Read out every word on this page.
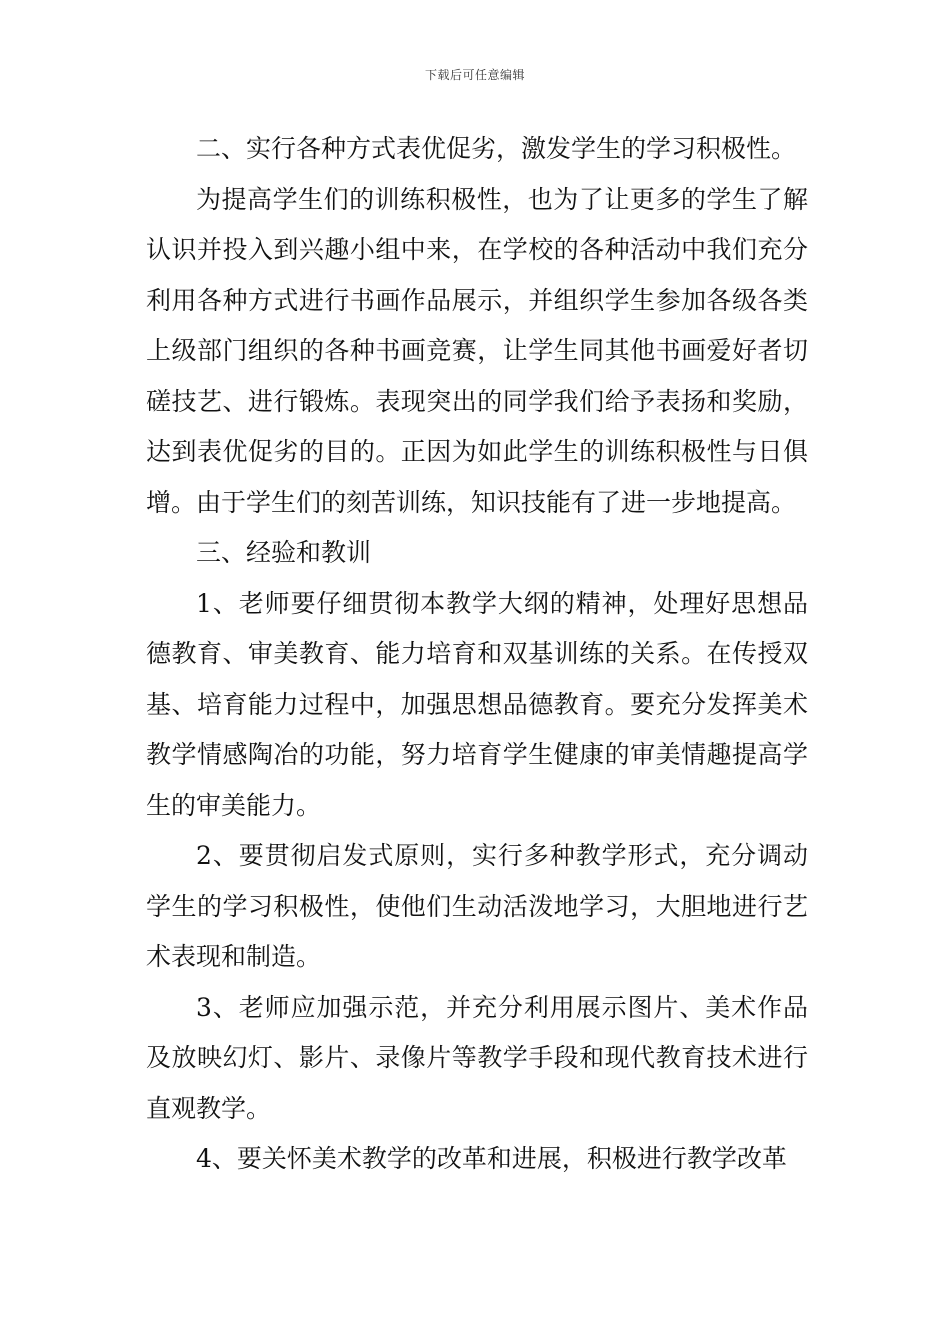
下载后可任意编辑

二、实行各种方式表优促劣，激发学生的学习积极性。

为提高学生们的训练积极性，也为了让更多的学生了解认识并投入到兴趣小组中来，在学校的各种活动中我们充分利用各种方式进行书画作品展示，并组织学生参加各级各类上级部门组织的各种书画竞赛，让学生同其他书画爱好者切磋技艺、进行锻炼。表现突出的同学我们给予表扬和奖励，达到表优促劣的目的。正因为如此学生的训练积极性与日俱增。由于学生们的刻苦训练，知识技能有了进一步地提高。

三、经验和教训

1、老师要仔细贯彻本教学大纲的精神，处理好思想品德教育、审美教育、能力培育和双基训练的关系。在传授双基、培育能力过程中，加强思想品德教育。要充分发挥美术教学情感陶冶的功能，努力培育学生健康的审美情趣提高学生的审美能力。

2、要贯彻启发式原则，实行多种教学形式，充分调动学生的学习积极性，使他们生动活泼地学习，大胆地进行艺术表现和制造。

3、老师应加强示范，并充分利用展示图片、美术作品及放映幻灯、影片、录像片等教学手段和现代教育技术进行直观教学。

4、要关怀美术教学的改革和进展，积极进行教学改革
